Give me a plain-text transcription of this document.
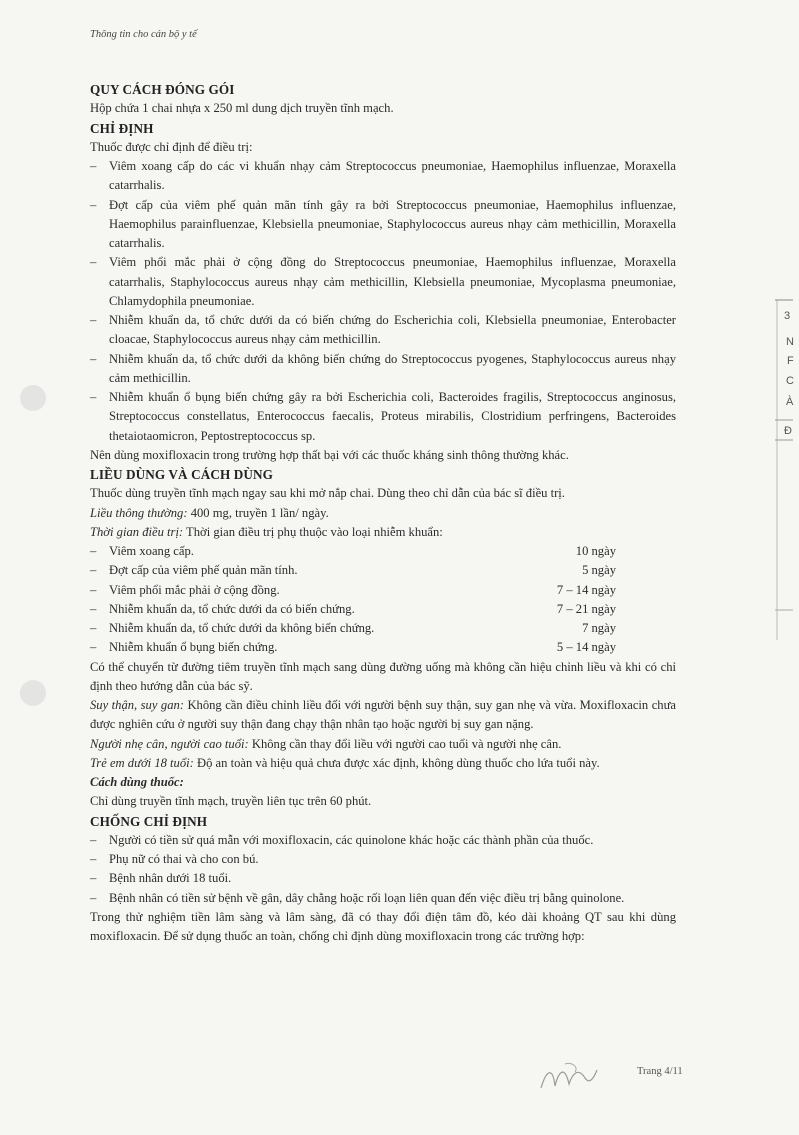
3
N
F
C
À
Đ
Thông tin cho cán bộ y tế

QUY CÁCH ĐÓNG GÓI

Hộp chứa 1 chai nhựa x 250 ml dung dịch truyền tĩnh mạch.

CHỈ ĐỊNH

Thuốc được chỉ định để điều trị:

–	Viêm xoang cấp do các vi khuẩn nhạy cảm Streptococcus pneumoniae, Haemophilus influenzae, Moraxella catarrhalis.
–	Đợt cấp của viêm phế quản mãn tính gây ra bởi Streptococcus pneumoniae, Haemophilus influenzae, Haemophilus parainfluenzae, Klebsiella pneumoniae, Staphylococcus aureus nhạy cảm methicillin, Moraxella catarrhalis.
–	Viêm phổi mắc phải ở cộng đồng do Streptococcus pneumoniae, Haemophilus influenzae, Moraxella catarrhalis, Staphylococcus aureus nhạy cảm methicillin, Klebsiella pneumoniae, Mycoplasma pneumoniae, Chlamydophila pneumoniae.
–	Nhiễm khuẩn da, tổ chức dưới da có biến chứng do Escherichia coli, Klebsiella pneumoniae, Enterobacter cloacae, Staphylococcus aureus nhạy cảm methicillin.
–	Nhiễm khuẩn da, tổ chức dưới da không biến chứng do Streptococcus pyogenes, Staphylococcus aureus nhạy cảm methicillin.
–	Nhiễm khuẩn ổ bụng biến chứng gây ra bởi Escherichia coli, Bacteroides fragilis, Streptococcus anginosus, Streptococcus constellatus, Enterococcus faecalis, Proteus mirabilis, Clostridium perfringens, Bacteroides thetaiotaomicron, Peptostreptococcus sp.

Nên dùng moxifloxacin trong trường hợp thất bại với các thuốc kháng sinh thông thường khác.

LIỀU DÙNG VÀ CÁCH DÙNG

Thuốc dùng truyền tĩnh mạch ngay sau khi mở nắp chai. Dùng theo chỉ dẫn của bác sĩ điều trị.

Liều thông thường: 400 mg, truyền 1 lần/ ngày.

Thời gian điều trị: Thời gian điều trị phụ thuộc vào loại nhiễm khuẩn:

–	Viêm xoang cấp.	10 ngày
–	Đợt cấp của viêm phế quản mãn tính.	5 ngày
–	Viêm phổi mắc phải ở cộng đồng.	7 – 14 ngày
–	Nhiễm khuẩn da, tổ chức dưới da có biến chứng.	7 – 21 ngày
–	Nhiễm khuẩn da, tổ chức dưới da không biến chứng.	7 ngày
–	Nhiễm khuẩn ổ bụng biến chứng.	5 – 14 ngày

Có thể chuyển từ đường tiêm truyền tĩnh mạch sang dùng đường uống mà không cần hiệu chỉnh liều và khi có chỉ định theo hướng dẫn của bác sỹ.

Suy thận, suy gan: Không cần điều chỉnh liều đối với người bệnh suy thận, suy gan nhẹ và vừa. Moxifloxacin chưa được nghiên cứu ở người suy thận đang chạy thận nhân tạo hoặc người bị suy gan nặng.

Người nhẹ cân, người cao tuổi: Không cần thay đổi liều với người cao tuổi và người nhẹ cân.

Trẻ em dưới 18 tuổi: Độ an toàn và hiệu quả chưa được xác định, không dùng thuốc cho lứa tuổi này.

Cách dùng thuốc:

Chỉ dùng truyền tĩnh mạch, truyền liên tục trên 60 phút.

CHỐNG CHỈ ĐỊNH

–	Người có tiền sử quá mẫn với moxifloxacin, các quinolone khác hoặc các thành phần của thuốc.
–	Phụ nữ có thai và cho con bú.
–	Bệnh nhân dưới 18 tuổi.
–	Bệnh nhân có tiền sử bệnh về gân, dây chằng hoặc rối loạn liên quan đến việc điều trị bằng quinolone.

Trong thử nghiệm tiền lâm sàng và lâm sàng, đã có thay đổi điện tâm đồ, kéo dài khoảng QT sau khi dùng moxifloxacin. Để sử dụng thuốc an toàn, chống chỉ định dùng moxifloxacin trong các trường hợp:

Trang 4/11
